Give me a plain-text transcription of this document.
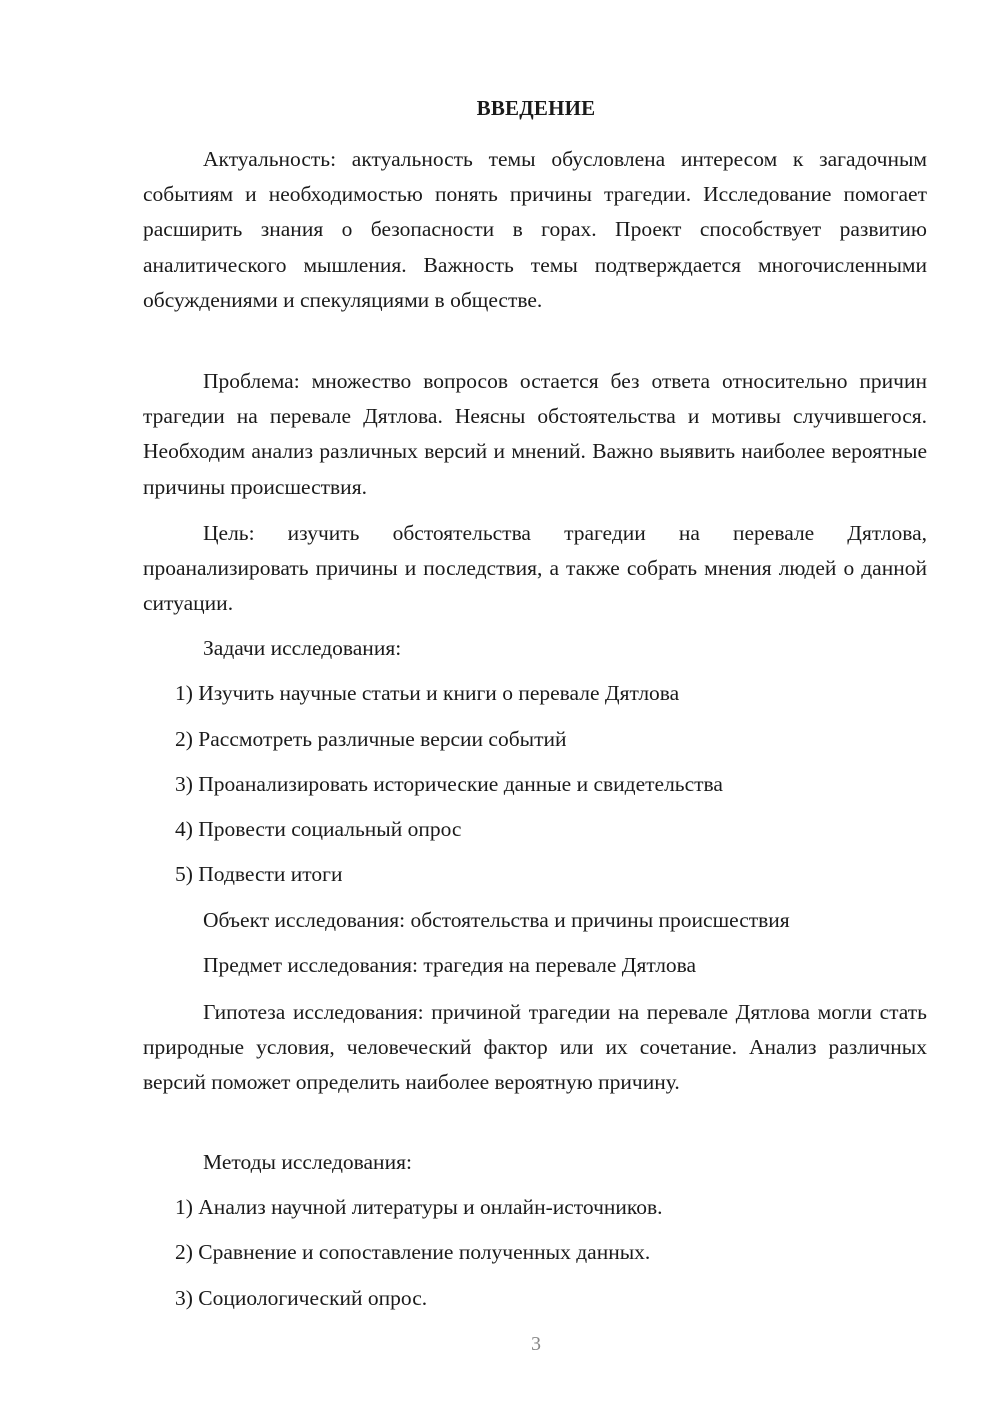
ВВЕДЕНИЕ

Актуальность: актуальность темы обусловлена интересом к загадочным событиям и необходимостью понять причины трагедии. Исследование помогает расширить знания о безопасности в горах. Проект способствует развитию аналитического мышления. Важность темы подтверждается многочисленными обсуждениями и спекуляциями в обществе.

Проблема: множество вопросов остается без ответа относительно причин трагедии на перевале Дятлова. Неясны обстоятельства и мотивы случившегося. Необходим анализ различных версий и мнений. Важно выявить наиболее вероятные причины происшествия.

Цель: изучить обстоятельства трагедии на перевале Дятлова, проанализировать причины и последствия, а также собрать мнения людей о данной ситуации.

Задачи исследования:

1) Изучить научные статьи и книги о перевале Дятлова

2) Рассмотреть различные версии событий

3) Проанализировать исторические данные и свидетельства

4) Провести социальный опрос

5) Подвести итоги

Объект исследования: обстоятельства и причины происшествия

Предмет исследования: трагедия на перевале Дятлова

Гипотеза исследования: причиной трагедии на перевале Дятлова могли стать природные условия, человеческий фактор или их сочетание. Анализ различных версий поможет определить наиболее вероятную причину.

Методы исследования:

1) Анализ научной литературы и онлайн-источников.

2) Сравнение и сопоставление полученных данных.

3) Социологический опрос.

3
